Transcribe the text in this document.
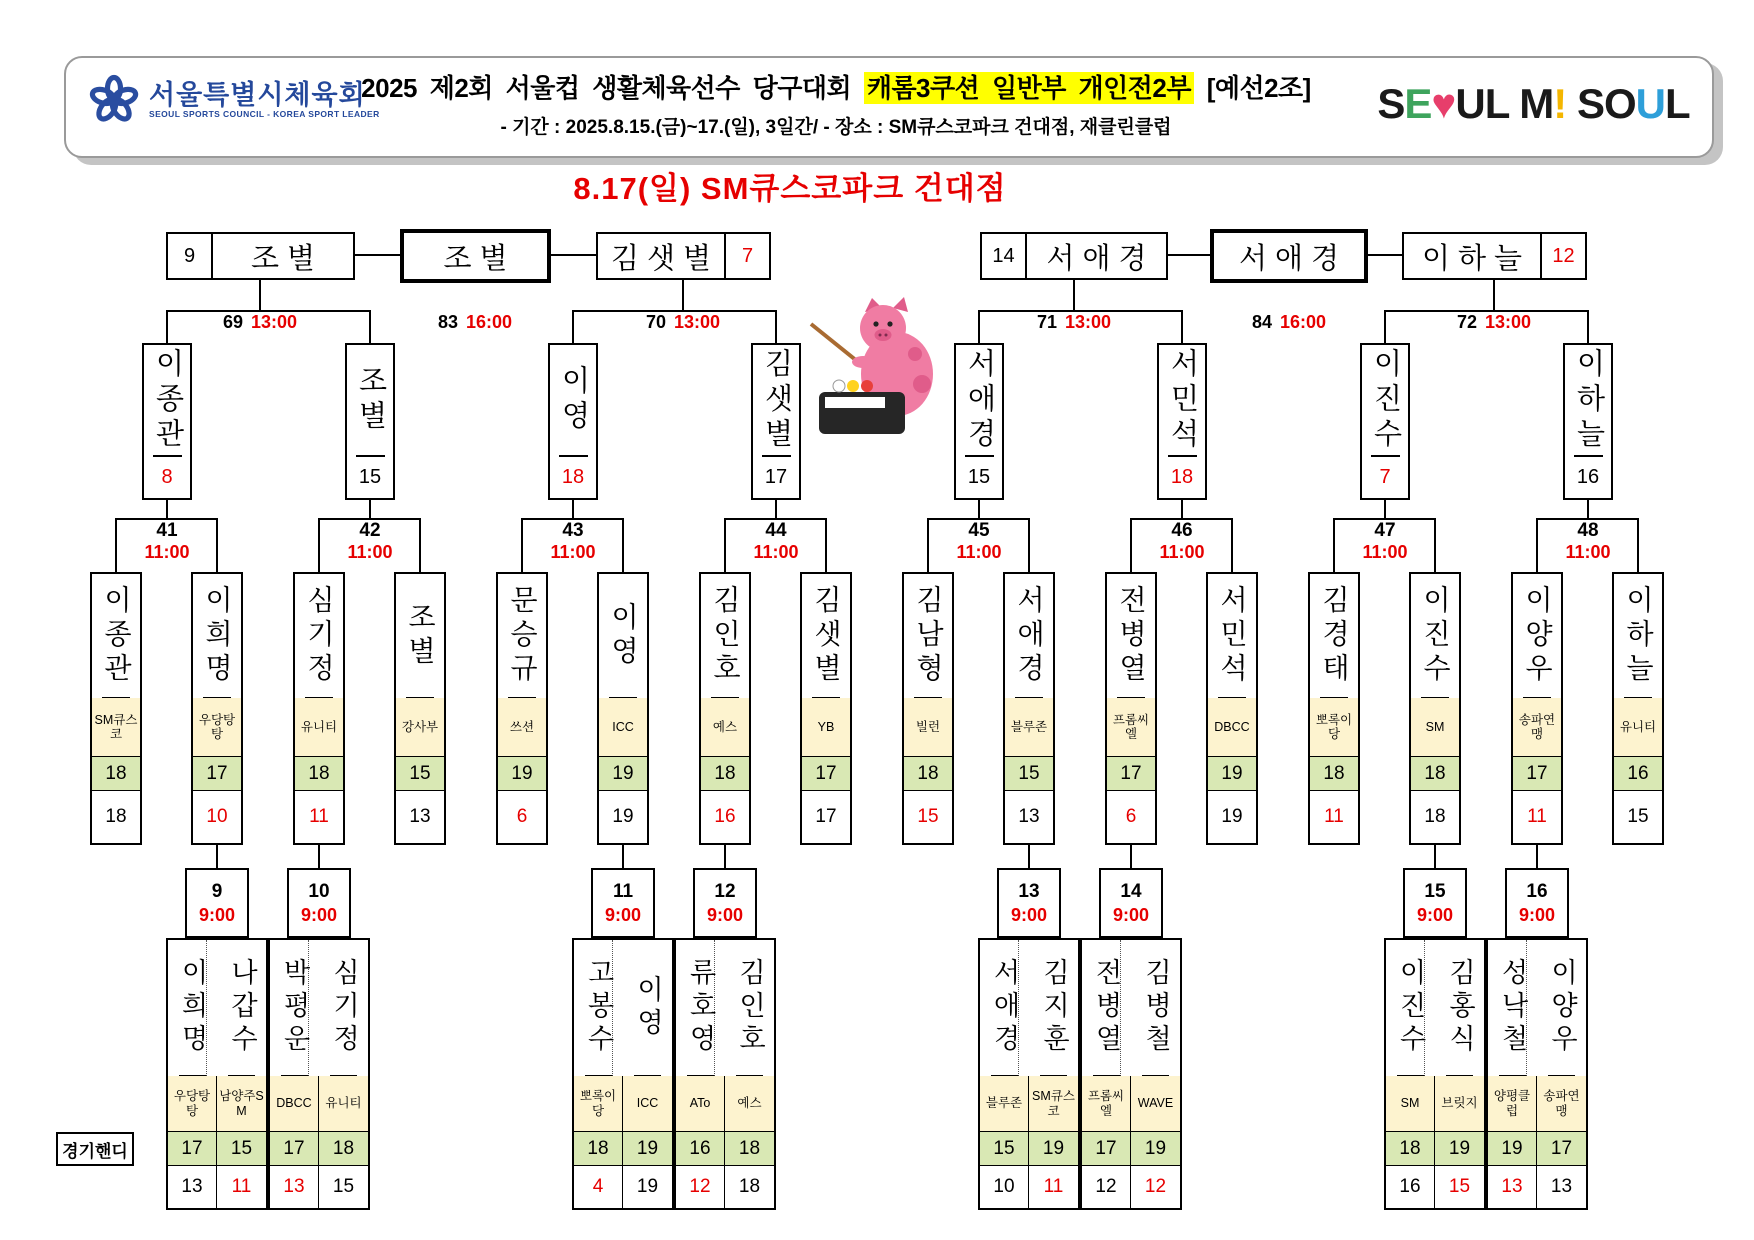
서울특별시체육회
SEOUL SPORTS COUNCIL - KOREA SPORT LEADER
2025 제2회 서울컵 생활체육선수 당구대회 캐롬3쿠션 일반부 개인전2부 [예선2조]
- 기간 : 2025.8.15.(금)~17.(일), 3일간/ - 장소 : SM큐스코파크 건대점, 재클린클럽
SE♥UL M! SOUL
8.17(일) SM큐스코파크 건대점
9	조별	조별	김샛별	7	14	서애경	서애경	이하늘	12
69 13:00	83 16:00	70 13:00	71 13:00	84 16:00	72 13:00
이종관
8
조별
15
이영
18
김샛별
17
서애경
15
서민석
18
이진수
7
이하늘
16
41
11:00
42
11:00
43
11:00
44
11:00
45
11:00
46
11:00
47
11:00
48
11:00
이종관
SM큐스코
18
18
이희명
우당탕탕
17
10
심기정
유니티
18
11
조별
강사부
15
13
문승규
쓰션
19
6
이영
ICC
19
19
김인호
예스
18
16
김샛별
YB
17
17
김남형
빌런
18
15
서애경
블루존
15
13
전병열
프롬씨엘
17
6
서민석
DBCC
19
19
김경태
뽀록이당
18
11
이진수
SM
18
18
이양우
송파연맹
17
11
이하늘
유니티
16
15
9
9:00
10
9:00
11
9:00
12
9:00
13
9:00
14
9:00
15
9:00
16
9:00
이희명
우당탕탕
17
13
나갑수
남양주SM
15
11
박평운
DBCC
17
13
심기정
유니티
18
15
고봉수
뽀록이당
18
4
이영
ICC
19
19
류호영
ATo
16
12
김인호
예스
18
18
서애경
블루존
15
10
김지훈
SM큐스코
19
11
전병열
프롬씨엘
17
12
김병철
WAVE
19
12
이진수
SM
18
16
김홍식
브릿지
19
15
성낙철
양평클럽
19
13
이양우
송파연맹
17
13
경기핸디
